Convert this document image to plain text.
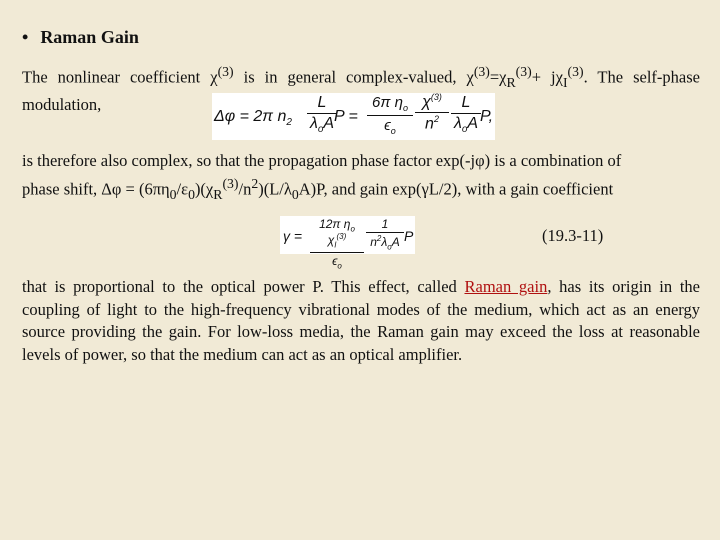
• Raman Gain
The nonlinear coefficient $\chi^{(3)}$ is in general complex-valued, $\chi^{(3)}=\chi_R^{(3)}+ j\chi_I^{(3)}$. The self-phase modulation,
Δφ = 2π $n_2$
L
$\lambda_oA$ P =
6π $\eta_o$
$\epsilon_o$
$\chi^{(3)}$
$n^2$
L
$\lambda_oA$ P,
is therefore also complex, so that the propagation phase factor exp(-jφ) is a combination of
phase shift, $\Delta\varphi = (6\pi\eta_0/\varepsilon_0)(\chi_R^{(3)}/n^2)(L/\lambda_0A)P$, and gain exp(γL/2), with a gain coefficient
γ =
12π $\eta_o$ $\chi_I^{(3)}$
$\epsilon_o$
1
$n^2\lambda_oA$ P	(19.3-11)
that is proportional to the optical power P. This effect, called Raman gain, has its origin in the coupling of light to the high-frequency vibrational modes of the medium, which act as an energy source providing the gain. For low-loss media, the Raman gain may exceed the loss at reasonable levels of power, so that the medium can act as an optical amplifier.
